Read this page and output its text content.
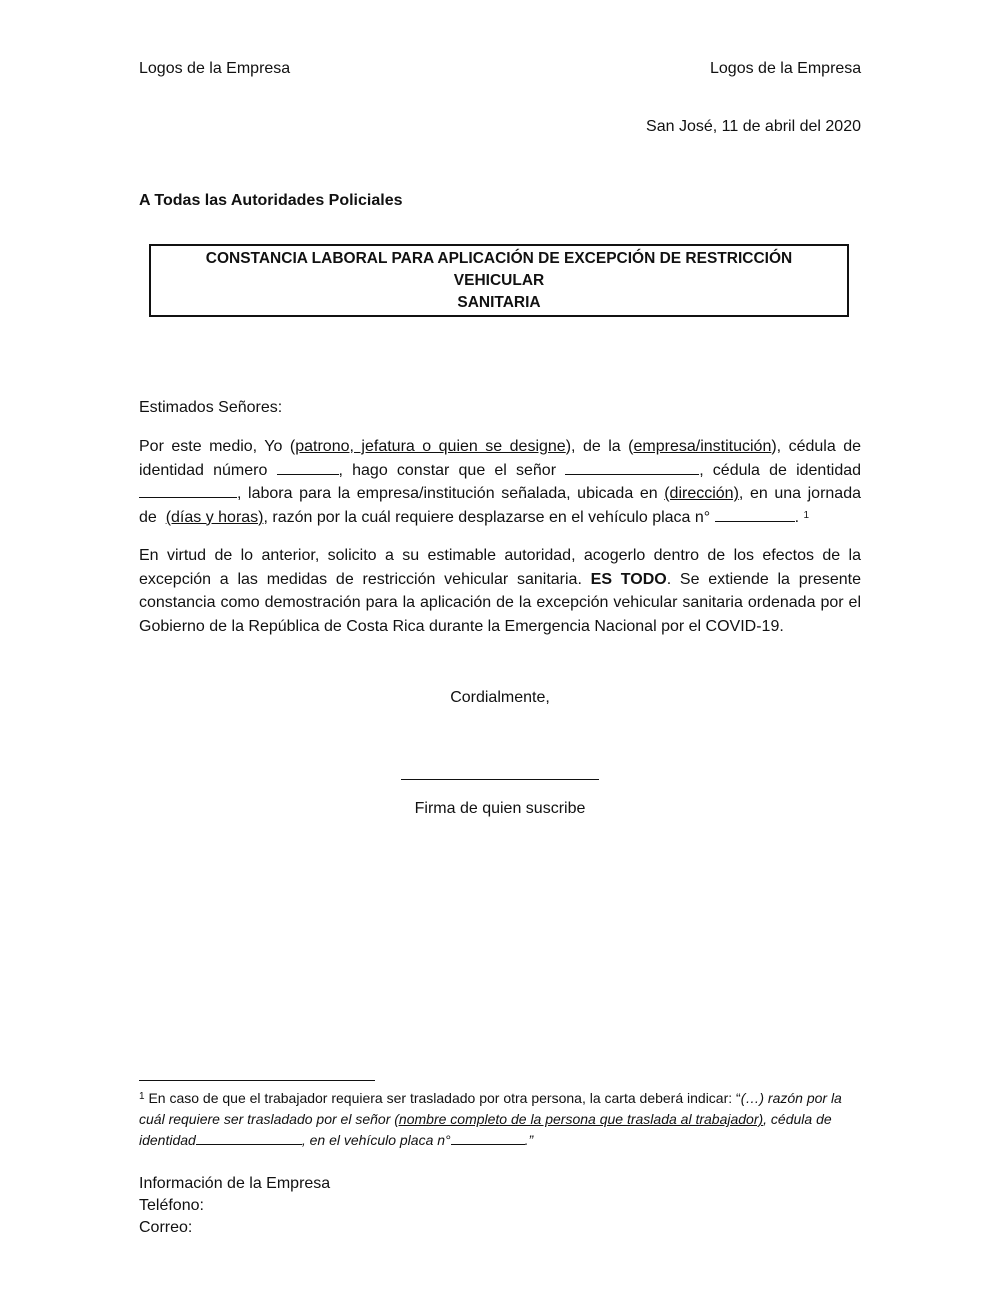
Logos de la Empresa	Logos de la Empresa
San José, 11 de abril del 2020
A Todas las Autoridades Policiales
CONSTANCIA LABORAL PARA APLICACIÓN DE EXCEPCIÓN DE RESTRICCIÓN VEHICULAR
SANITARIA
Estimados Señores:
Por este medio, Yo (patrono, jefatura o quien se designe), de la (empresa/institución), cédula de identidad número	, hago constar que el señor	, cédula de identidad , labora para la empresa/institución señalada, ubicada en (dirección), en una jornada de (días y horas), razón por la cuál requiere desplazarse en el vehículo placa n°	. $^1$
En virtud de lo anterior, solicito a su estimable autoridad, acogerlo dentro de los efectos de la excepción a las medidas de restricción vehicular sanitaria. ES TODO. Se extiende la presente constancia como demostración para la aplicación de la excepción vehicular sanitaria ordenada por el Gobierno de la República de Costa Rica durante la Emergencia Nacional por el COVID-19.
Cordialmente,
Firma de quien suscribe
$^1$ En caso de que el trabajador requiera ser trasladado por otra persona, la carta deberá indicar: “(…) razón por la cuál requiere ser trasladado por el señor (nombre completo de la persona que traslada al trabajador), cédula de identidad	, en el vehículo placa n°	.”
Información de la Empresa
Teléfono:
Correo:
